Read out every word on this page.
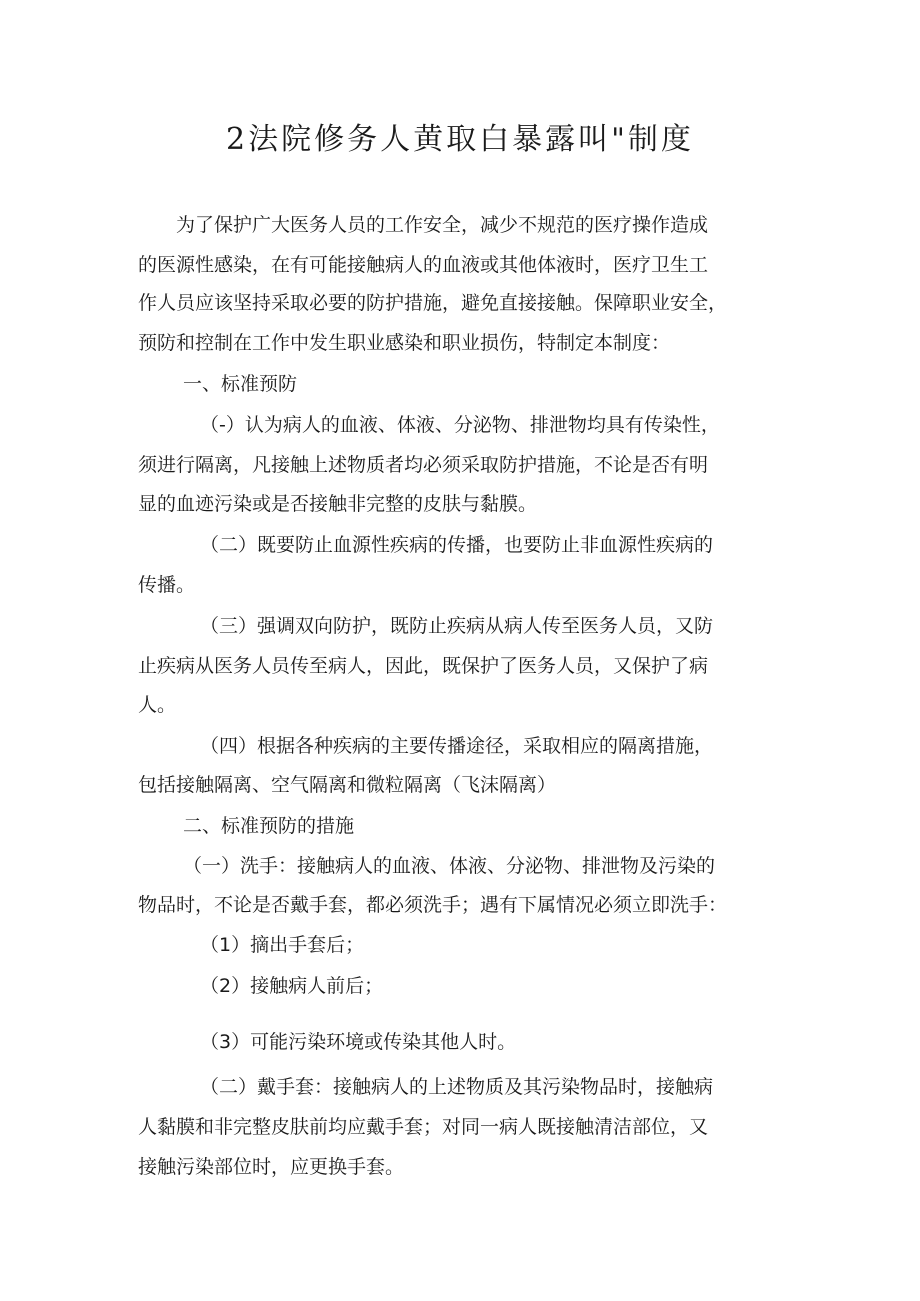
2法院修务人黄取白暴露叫"制度
为了保护广大医务人员的工作安全，减少不规范的医疗操作造成
的医源性感染，在有可能接触病人的血液或其他体液时，医疗卫生工
作人员应该坚持采取必要的防护措施，避免直接接触。保障职业安全，
预防和控制在工作中发生职业感染和职业损伤，特制定本制度：
一、标准预防
（-）认为病人的血液、体液、分泌物、排泄物均具有传染性，
须进行隔离，凡接触上述物质者均必须采取防护措施，不论是否有明
显的血迹污染或是否接触非完整的皮肤与黏膜。
（二）既要防止血源性疾病的传播，也要防止非血源性疾病的
传播。
（三）强调双向防护，既防止疾病从病人传至医务人员，又防
止疾病从医务人员传至病人，因此，既保护了医务人员，又保护了病
人。
（四）根据各种疾病的主要传播途径，采取相应的隔离措施，
包括接触隔离、空气隔离和微粒隔离（飞沫隔离）
二、标准预防的措施
（一）洗手：接触病人的血液、体液、分泌物、排泄物及污染的
物品时，不论是否戴手套，都必须洗手；遇有下属情况必须立即洗手：
（1）摘出手套后；
（2）接触病人前后；
（3）可能污染环境或传染其他人时。
（二）戴手套：接触病人的上述物质及其污染物品时，接触病
人黏膜和非完整皮肤前均应戴手套；对同一病人既接触清洁部位，又
接触污染部位时，应更换手套。
